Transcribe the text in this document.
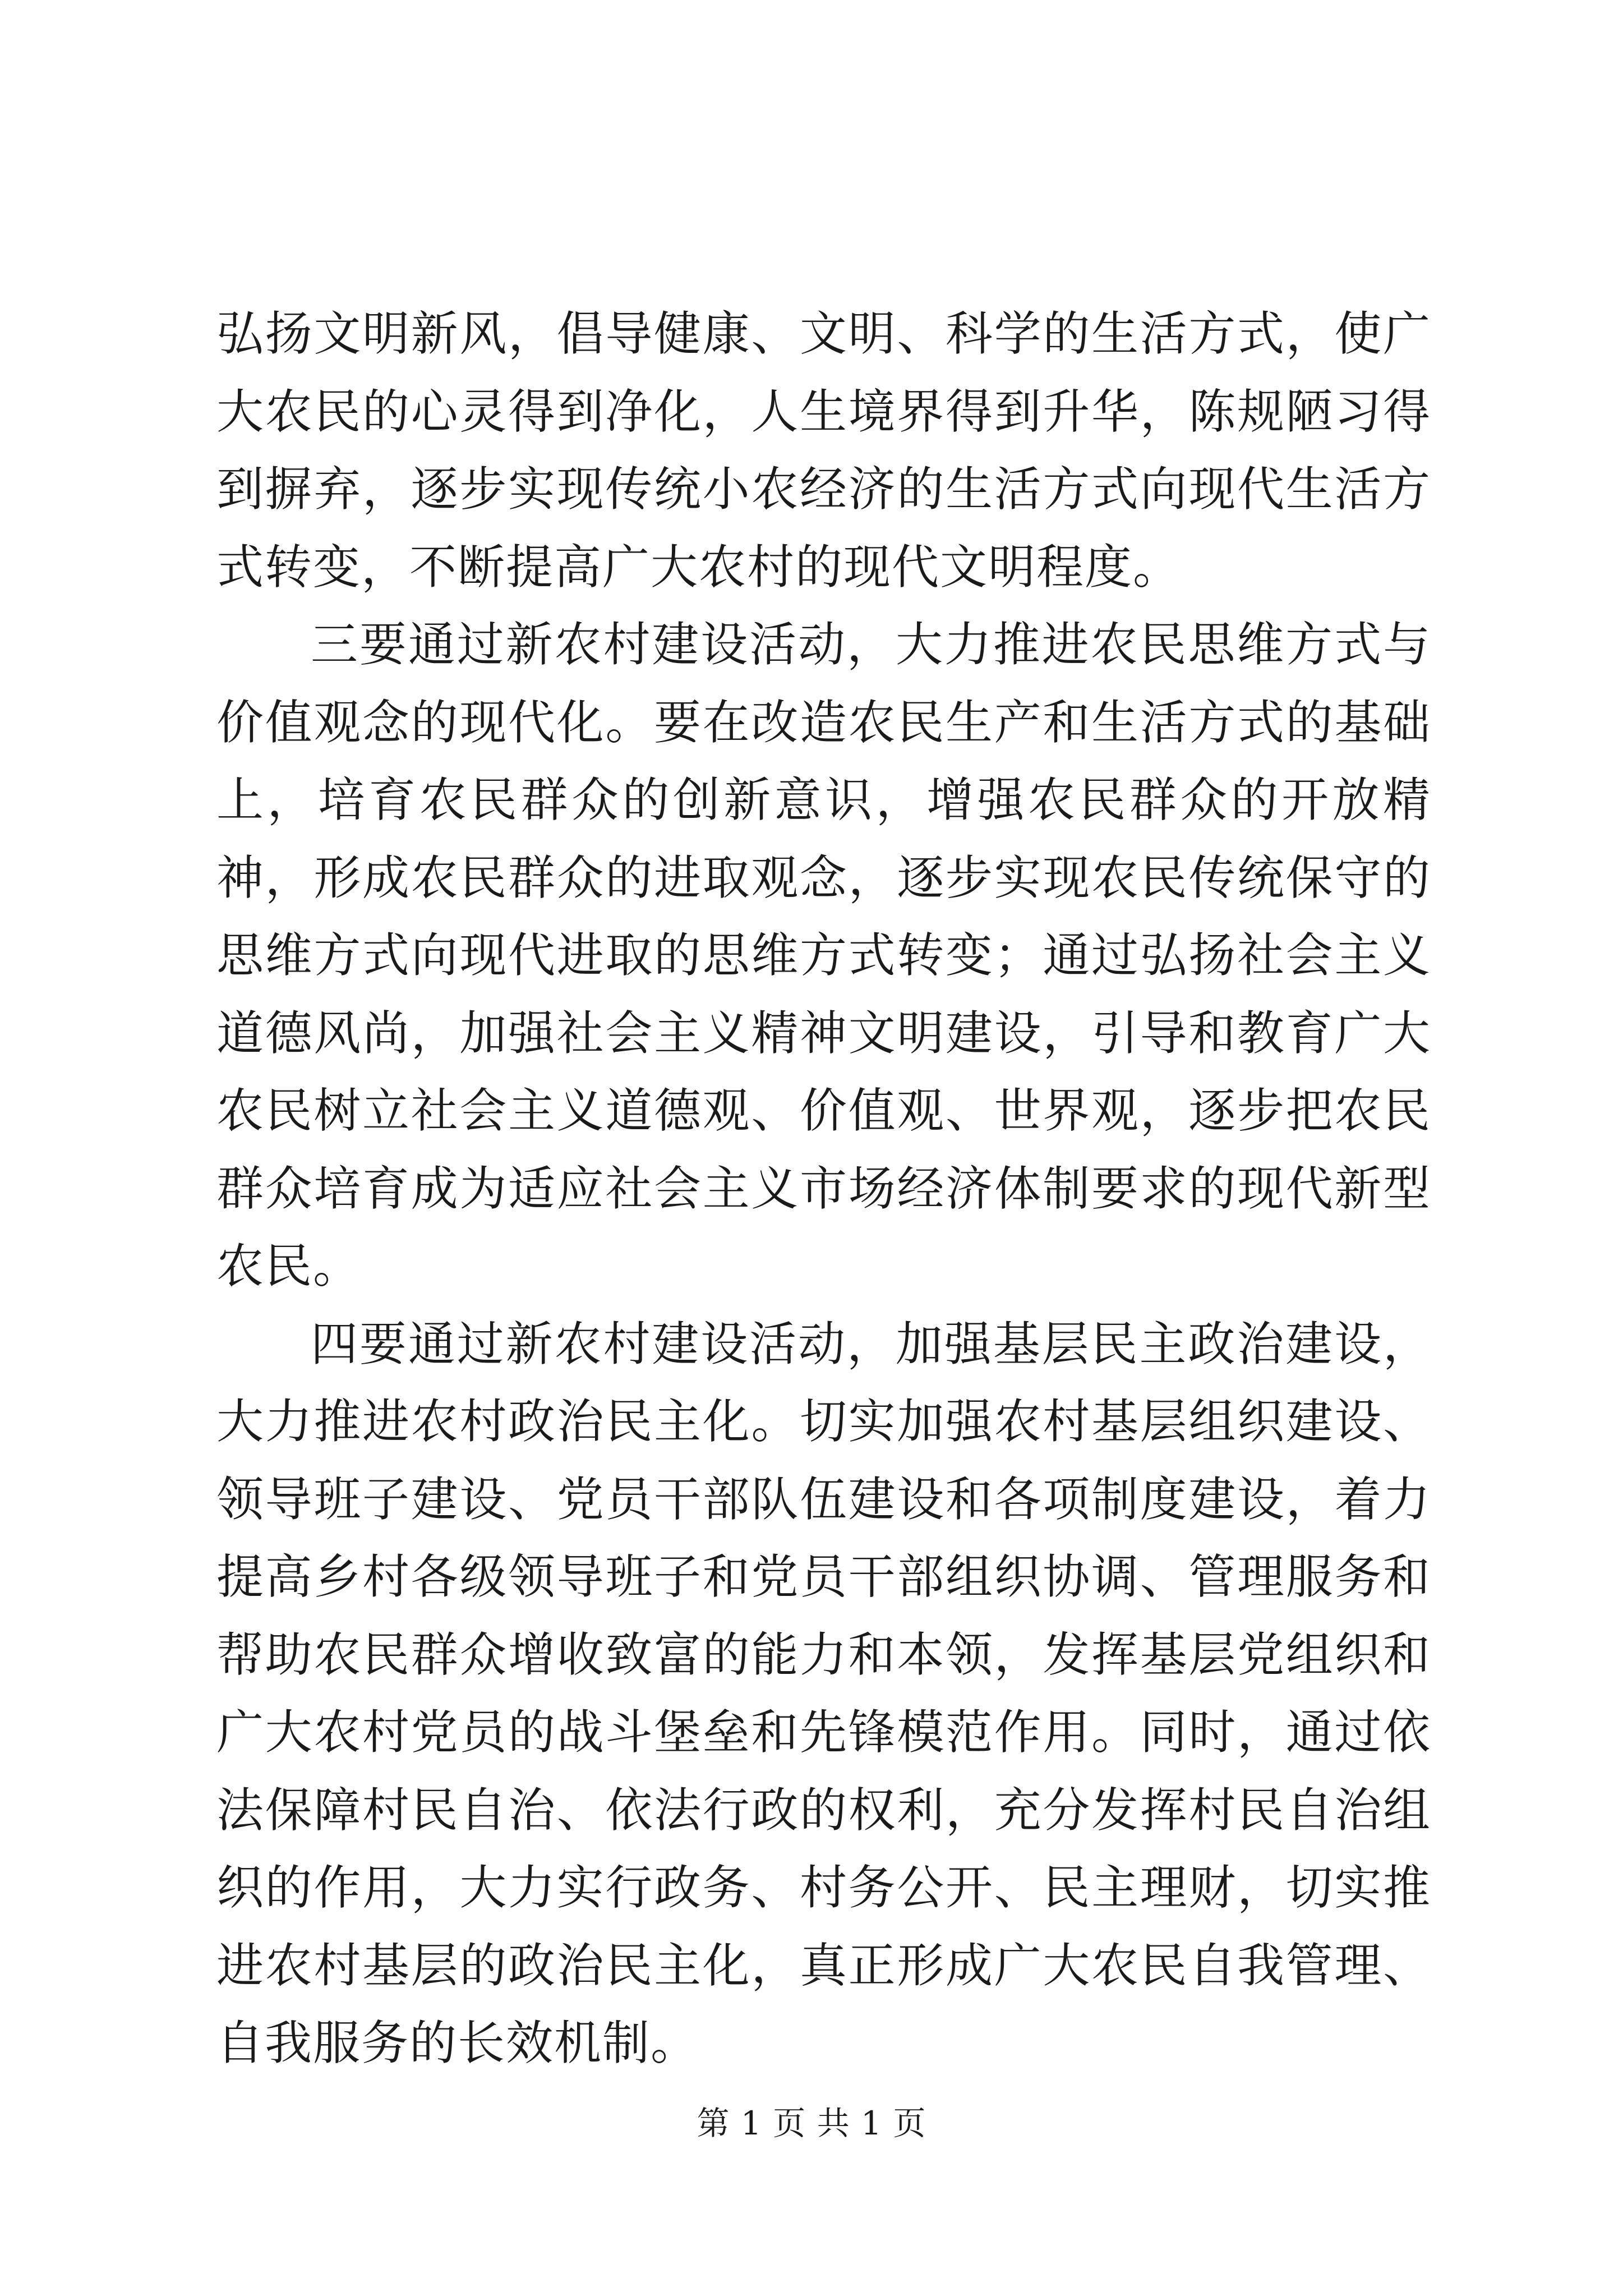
弘扬文明新风，倡导健康、文明、科学的生活方式，使广大农民的心灵得到净化，人生境界得到升华，陈规陋习得到摒弃，逐步实现传统小农经济的生活方式向现代生活方式转变，不断提高广大农村的现代文明程度。

三要通过新农村建设活动，大力推进农民思维方式与价值观念的现代化。要在改造农民生产和生活方式的基础上，培育农民群众的创新意识，增强农民群众的开放精神，形成农民群众的进取观念，逐步实现农民传统保守的思维方式向现代进取的思维方式转变；通过弘扬社会主义道德风尚，加强社会主义精神文明建设，引导和教育广大农民树立社会主义道德观、价值观、世界观，逐步把农民群众培育成为适应社会主义市场经济体制要求的现代新型农民。

四要通过新农村建设活动，加强基层民主政治建设，大力推进农村政治民主化。切实加强农村基层组织建设、领导班子建设、党员干部队伍建设和各项制度建设，着力提高乡村各级领导班子和党员干部组织协调、管理服务和帮助农民群众增收致富的能力和本领，发挥基层党组织和广大农村党员的战斗堡垒和先锋模范作用。同时，通过依法保障村民自治、依法行政的权利，充分发挥村民自治组织的作用，大力实行政务、村务公开、民主理财，切实推进农村基层的政治民主化，真正形成广大农民自我管理、自我服务的长效机制。

第 1 页 共 1 页
